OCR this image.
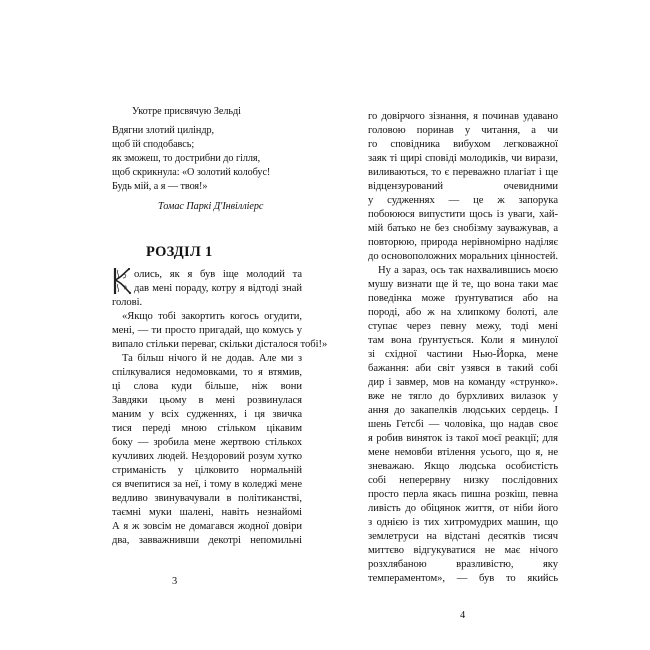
Укотре присвячую Зельді
Вдягни злотий циліндр,
щоб їй сподобавсь;
як зможеш, то дострибни до гілля,
щоб скрикнула: «О золотий колобус!
Будь мій, а я — твоя!»
Томас Паркі Д'Інвілліерс
РОЗДІЛ 1
олись, як я був іще молодий та
дав мені пораду, котру я відтоді знай
голові.
«Якщо тобі закортить когось огудити,
мені, — ти просто пригадай, що комусь у
випало стільки переваг, скільки дісталося тобі!»
Та більш нічого й не додав. Але ми з
спілкувалися недомовками, то я втямив,
ці слова куди більше, ніж вони
Завдяки цьому в мені розвинулася
маним у всіх судженнях, і ця звичка
тися переді мною стільком цікавим
боку — зробила мене жертвою стількох
кучливих людей. Нездоровий розум хутко
стриманість у цілковито нормальній
ся вчепитися за неї, і тому в коледжі мене
ведливо звинувачували в політиканстві,
таємні муки шалені, навіть незнайомі
А я ж зовсім не домагався жодної довіри
два, завважнивши декотрі непомильні
3
го довірчого зізнання, я починав удавано
головою поринав у читання, а чи
го сповідника вибухом легковажної
заяк ті щирі сповіді молодиків, чи вирази,
виливаються, то є переважно плагіат і ще
відцензурований очевидними
у судженнях — це ж запорука
побоююся випустити щось із уваги, хай-
мій батько не без снобізму зауважував, а
повторюю, природа нерівномірно наділяє
до основоположних моральних цінностей.
Ну а зараз, ось так нахвалившись моєю
мушу визнати ще й те, що вона таки має
поведінка може ґрунтуватися або на
породі, або ж на хлипкому болоті, але
ступає через певну межу, тоді мені
там вона ґрунтується. Коли я минулої
зі східної частини Нью-Йорка, мене
бажання: аби світ узявся в такий собі
дир і завмер, мов на команду «струнко».
вже не тягло до бурхливих вилазок у
ання до закапелків людських сердець. І
шень Гетсбі — чоловіка, що надав своє
я робив виняток із такої моєї реакції; для
мене немовби втілення усього, що я, не
зневажаю. Якщо людська особистість
собі неперервну низку послідовних
просто перла якась пишна розкіш, певна
ливість до обіцянок життя, от ніби його
з однією із тих хитромудрих машин, що
землетруси на відстані десятків тисяч
миттєво відгукуватися не має нічого
розхлябаною вразливістю, яку
темпераментом», — був то якийсь
4
